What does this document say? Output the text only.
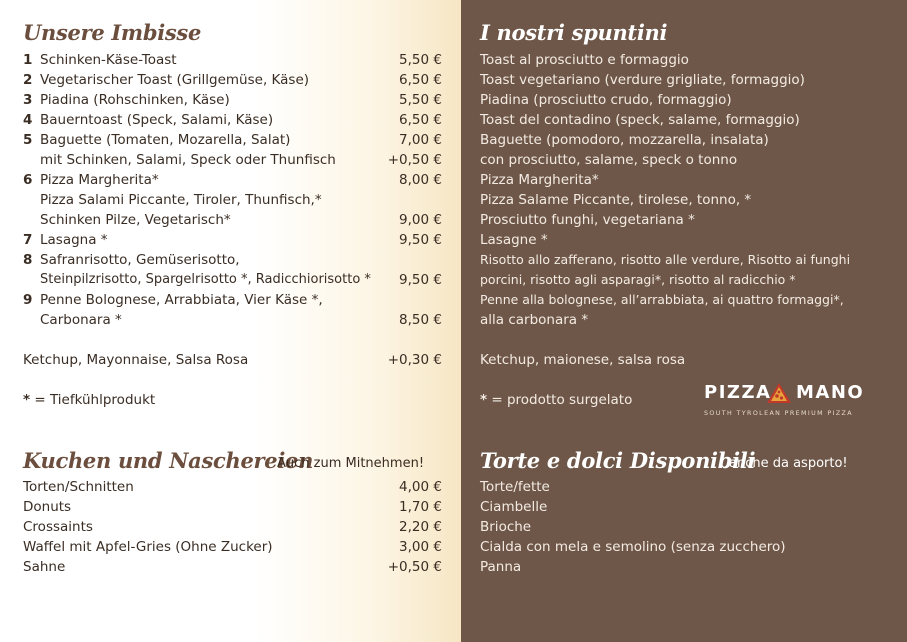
Unsere Imbisse
1 Schinken-Käse-Toast	5,50 €
2 Vegetarischer Toast (Grillgemüse, Käse)	6,50 €
3 Piadina (Rohschinken, Käse)	5,50 €
4 Bauerntoast (Speck, Salami, Käse)	6,50 €
5 Baguette (Tomaten, Mozarella, Salat)	7,00 €
mit Schinken, Salami, Speck oder Thunfisch	+0,50 €
6 Pizza Margherita*	8,00 €
Pizza Salami Piccante, Tiroler, Thunfisch,*
Schinken Pilze, Vegetarisch*	9,00 €
7 Lasagna *	9,50 €
8 Safranrisotto, Gemüserisotto,
Steinpilzrisotto, Spargelrisotto *, Radicchiorisotto * 9,50 €
9 Penne Bolognese, Arrabbiata, Vier Käse *,
Carbonara *	8,50 €
Ketchup, Mayonnaise, Salsa Rosa	+0,30 €
* = Tiefkühlprodukt
Kuchen und Naschereien
Auch zum Mitnehmen!
Torten/Schnitten	4,00 €
Donuts	1,70 €
Crossaints	2,20 €
Waffel mit Apfel-Gries (Ohne Zucker)	3,00 €
Sahne	+0,50 €
I nostri spuntini
Toast al prosciutto e formaggio
Toast vegetariano (verdure grigliate, formaggio)
Piadina (prosciutto crudo, formaggio)
Toast del contadino (speck, salame, formaggio)
Baguette (pomodoro, mozzarella, insalata)
con prosciutto, salame, speck o tonno
Pizza Margherita*
Pizza Salame Piccante, tirolese, tonno, *
Prosciutto funghi, vegetariana *
Lasagne *
Risotto allo zafferano, risotto alle verdure, Risotto ai funghi
porcini, risotto agli asparagi*, risotto al radicchio *
Penne alla bolognese, all’arrabbiata, ai quattro formaggi*,
alla carbonara *
Ketchup, maionese, salsa rosa
* = prodotto surgelato
Torte e dolci Disponibili
anche da asporto!
Torte/fette
Ciambelle
Brioche
Cialda con mela e semolino (senza zucchero)
Panna
PIZZA MANO
SOUTH TYROLEAN PREMIUM PIZZA
